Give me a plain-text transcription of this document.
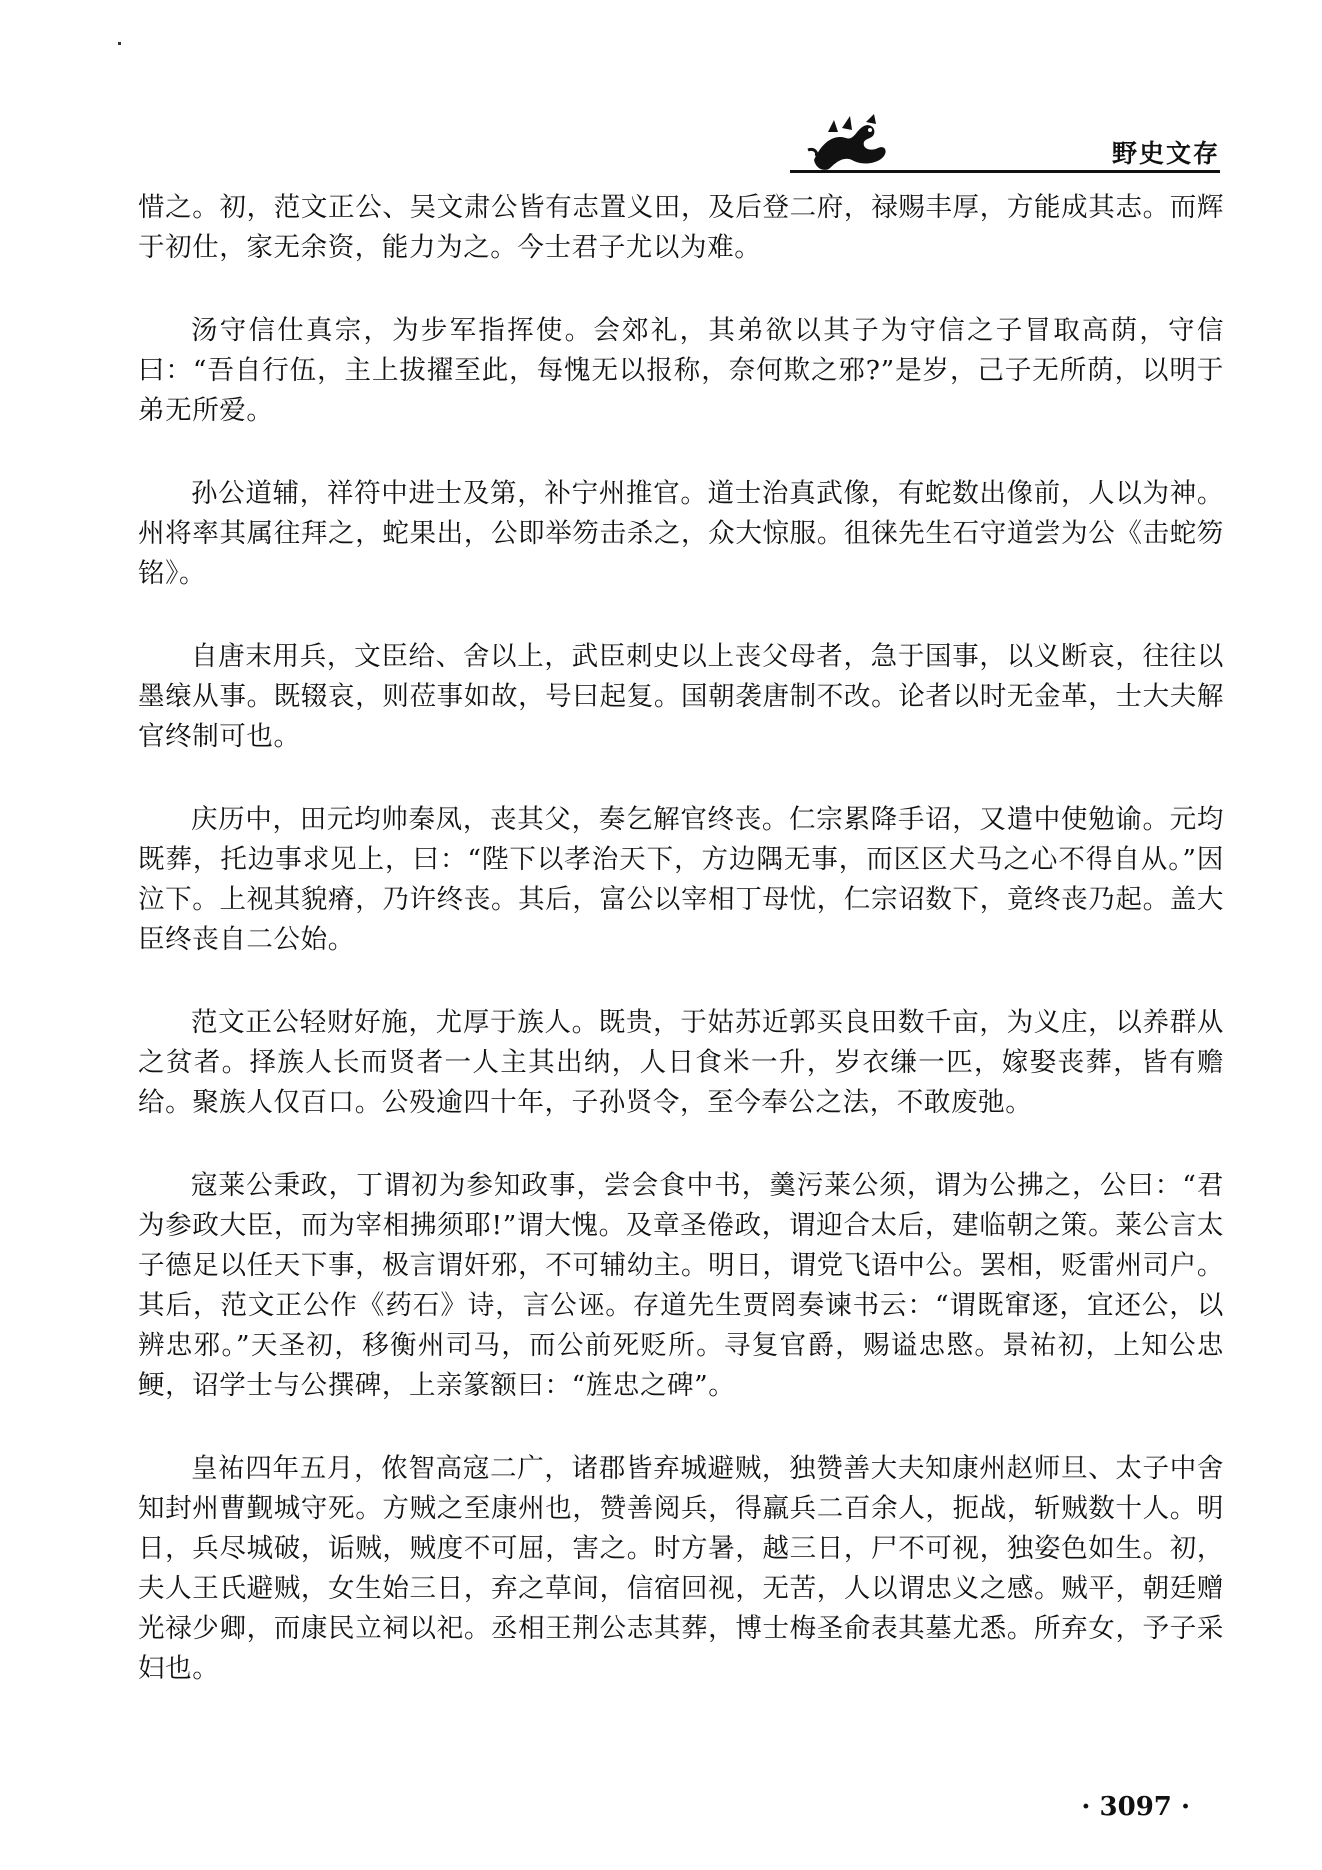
野史文存

惜之。初，范文正公、吴文肃公皆有志置义田，及后登二府，禄赐丰厚，方能成其志。而辉于初仕，家无余资，能力为之。今士君子尤以为难。

汤守信仕真宗，为步军指挥使。会郊礼，其弟欲以其子为守信之子冒取高荫，守信曰：“吾自行伍，主上拔擢至此，每愧无以报称，奈何欺之邪?”是岁，己子无所荫，以明于弟无所爱。

孙公道辅，祥符中进士及第，补宁州推官。道士治真武像，有蛇数出像前，人以为神。州将率其属往拜之，蛇果出，公即举笏击杀之，众大惊服。徂徕先生石守道尝为公《击蛇笏铭》。

自唐末用兵，文臣给、舍以上，武臣刺史以上丧父母者，急于国事，以义断哀，往往以墨缞从事。既辍哀，则莅事如故，号曰起复。国朝袭唐制不改。论者以时无金革，士大夫解官终制可也。

庆历中，田元均帅秦凤，丧其父，奏乞解官终丧。仁宗累降手诏，又遣中使勉谕。元均既葬，托边事求见上，曰：“陛下以孝治天下，方边隅无事，而区区犬马之心不得自从。”因泣下。上视其貌瘠，乃许终丧。其后，富公以宰相丁母忧，仁宗诏数下，竟终丧乃起。盖大臣终丧自二公始。

范文正公轻财好施，尤厚于族人。既贵，于姑苏近郭买良田数千亩，为义庄，以养群从之贫者。择族人长而贤者一人主其出纳，人日食米一升，岁衣缣一匹，嫁娶丧葬，皆有赡给。聚族人仅百口。公殁逾四十年，子孙贤令，至今奉公之法，不敢废弛。

寇莱公秉政，丁谓初为参知政事，尝会食中书，羹污莱公须，谓为公拂之，公曰：“君为参政大臣，而为宰相拂须耶!”谓大愧。及章圣倦政，谓迎合太后，建临朝之策。莱公言太子德足以任天下事，极言谓奸邪，不可辅幼主。明日，谓党飞语中公。罢相，贬雷州司户。其后，范文正公作《药石》诗，言公诬。存道先生贾罔奏谏书云：“谓既窜逐，宜还公，以辨忠邪。”天圣初，移衡州司马，而公前死贬所。寻复官爵，赐谥忠愍。景祐初，上知公忠鲠，诏学士与公撰碑，上亲篆额曰：“旌忠之碑”。

皇祐四年五月，侬智高寇二广，诸郡皆弃城避贼，独赞善大夫知康州赵师旦、太子中舍知封州曹觐城守死。方贼之至康州也，赞善阅兵，得羸兵二百余人，扼战，斩贼数十人。明日，兵尽城破，诟贼，贼度不可屈，害之。时方暑，越三日，尸不可视，独姿色如生。初，夫人王氏避贼，女生始三日，弃之草间，信宿回视，无苦，人以谓忠义之感。贼平，朝廷赠光禄少卿，而康民立祠以祀。丞相王荆公志其葬，博士梅圣俞表其墓尤悉。所弃女，予子采妇也。

· 3097 ·
